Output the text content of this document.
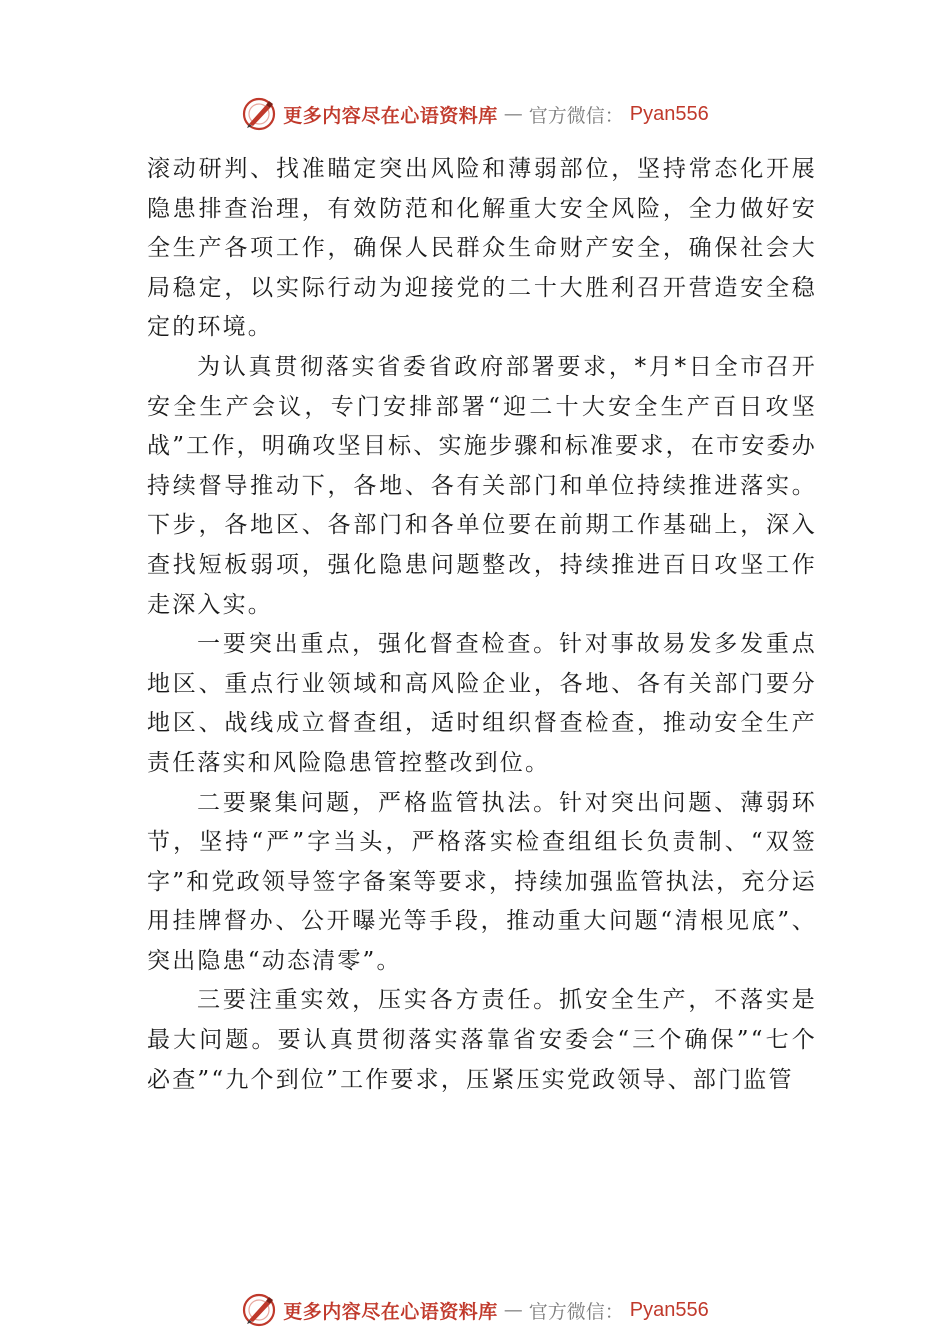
更多内容尽在心语资料库 — 官方微信： Pyan556

滚动研判、找准瞄定突出风险和薄弱部位，坚持常态化开展隐患排查治理，有效防范和化解重大安全风险，全力做好安全生产各项工作，确保人民群众生命财产安全，确保社会大局稳定，以实际行动为迎接党的二十大胜利召开营造安全稳定的环境。

为认真贯彻落实省委省政府部署要求，*月*日全市召开安全生产会议，专门安排部署“迎二十大安全生产百日攻坚战”工作，明确攻坚目标、实施步骤和标准要求，在市安委办持续督导推动下，各地、各有关部门和单位持续推进落实。下步，各地区、各部门和各单位要在前期工作基础上，深入查找短板弱项，强化隐患问题整改，持续推进百日攻坚工作走深入实。

一要突出重点，强化督查检查。针对事故易发多发重点地区、重点行业领域和高风险企业，各地、各有关部门要分地区、战线成立督查组，适时组织督查检查，推动安全生产责任落实和风险隐患管控整改到位。

二要聚集问题，严格监管执法。针对突出问题、薄弱环节，坚持“严”字当头，严格落实检查组组长负责制、“双签字”和党政领导签字备案等要求，持续加强监管执法，充分运用挂牌督办、公开曝光等手段，推动重大问题“清根见底”、突出隐患“动态清零”。

三要注重实效，压实各方责任。抓安全生产，不落实是最大问题。要认真贯彻落实落靠省安委会“三个确保”“七个必查”“九个到位”工作要求，压紧压实党政领导、部门监管

更多内容尽在心语资料库 — 官方微信： Pyan556
